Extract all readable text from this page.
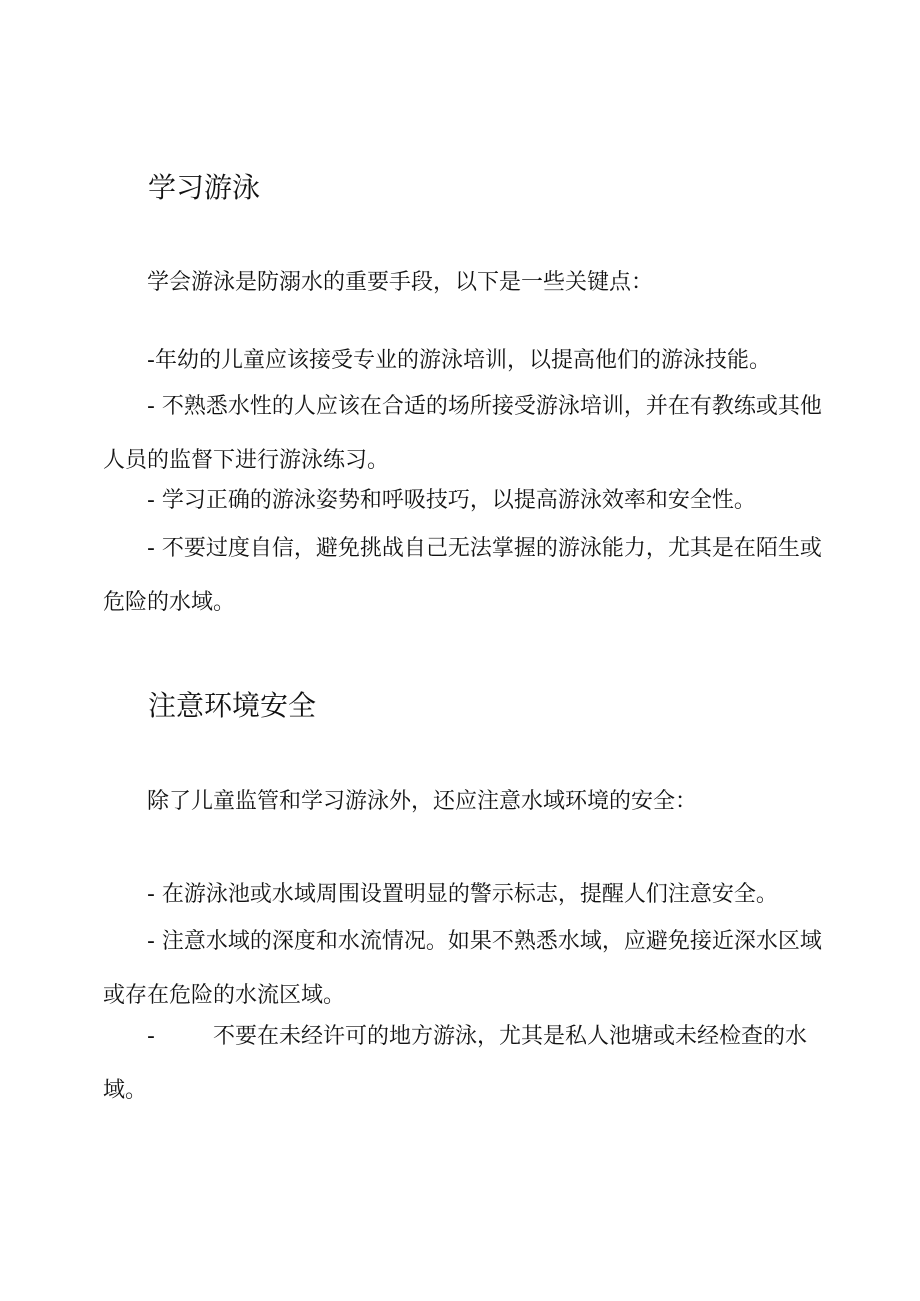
学习游泳

学会游泳是防溺水的重要手段，以下是一些关键点：

-年幼的儿童应该接受专业的游泳培训，以提高他们的游泳技能。

- 不熟悉水性的人应该在合适的场所接受游泳培训，并在有教练或其他人员的监督下进行游泳练习。

- 学习正确的游泳姿势和呼吸技巧，以提高游泳效率和安全性。

- 不要过度自信，避免挑战自己无法掌握的游泳能力，尤其是在陌生或危险的水域。

注意环境安全

除了儿童监管和学习游泳外，还应注意水域环境的安全：

- 在游泳池或水域周围设置明显的警示标志，提醒人们注意安全。

- 注意水域的深度和水流情况。如果不熟悉水域，应避免接近深水区域或存在危险的水流区域。

-	不要在未经许可的地方游泳，尤其是私人池塘或未经检查的水域。
